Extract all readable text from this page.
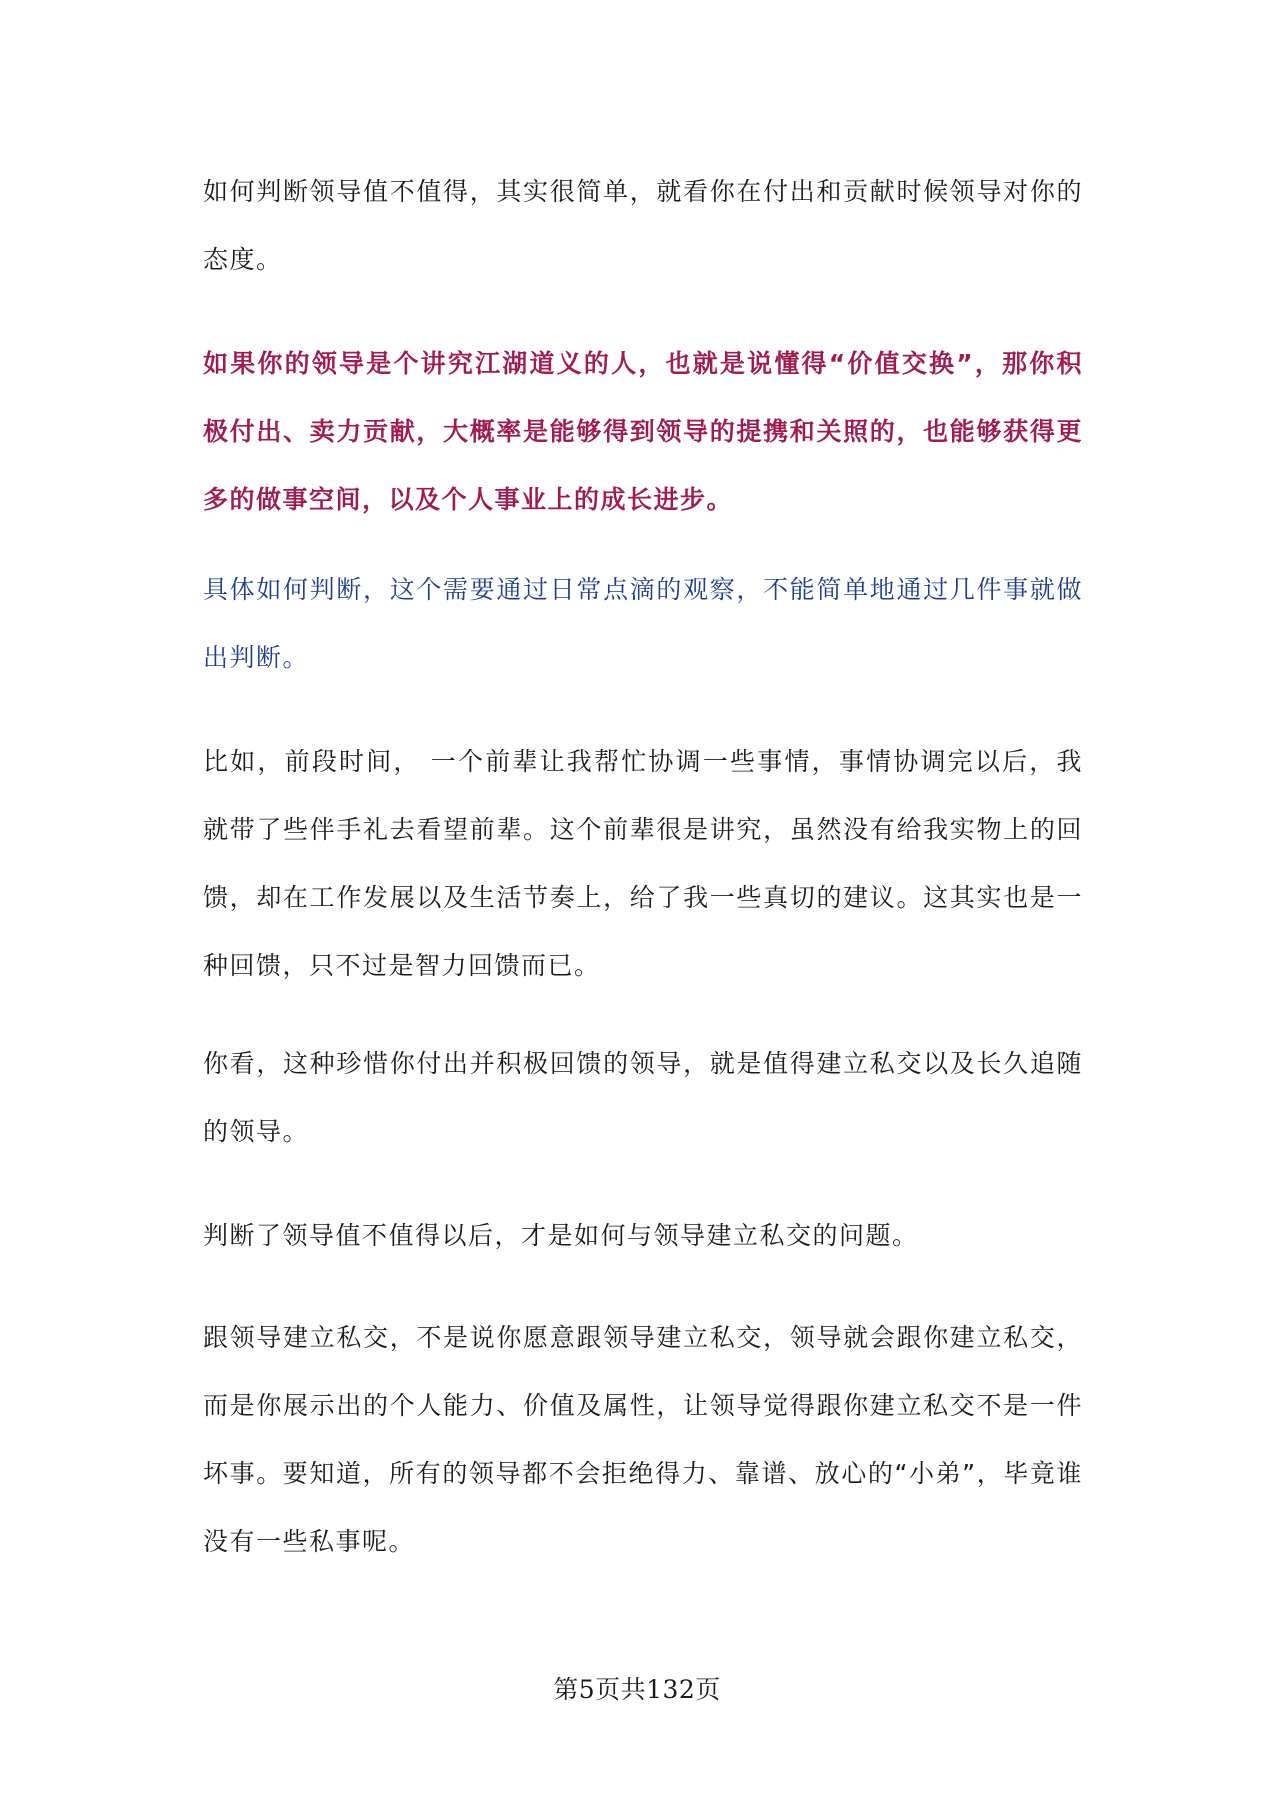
如何判断领导值不值得，其实很简单，就看你在付出和贡献时候领导对你的态度。

如果你的领导是个讲究江湖道义的人，也就是说懂得“价值交换”，那你积极付出、卖力贡献，大概率是能够得到领导的提携和关照的，也能够获得更多的做事空间，以及个人事业上的成长进步。

具体如何判断，这个需要通过日常点滴的观察，不能简单地通过几件事就做 出判断。

比如，前段时间， 一个前辈让我帮忙协调一些事情，事情协调完以后，我就带了些伴手礼去看望前辈。这个前辈很是讲究，虽然没有给我实物上的回馈，却在工作发展以及生活节奏上，给了我一些真切的建议。这其实也是一种回馈，只不过是智力回馈而已。

你看，这种珍惜你付出并积极回馈的领导，就是值得建立私交以及长久追随的领导。

判断了领导值不值得以后，才是如何与领导建立私交的问题。

跟领导建立私交，不是说你愿意跟领导建立私交，领导就会跟你建立私交，而是你展示出的个人能力、价值及属性，让领导觉得跟你建立私交不是一件坏事。要知道，所有的领导都不会拒绝得力、靠谱、放心的“小弟”，毕竟谁没有一些私事呢。

第5页共132页
